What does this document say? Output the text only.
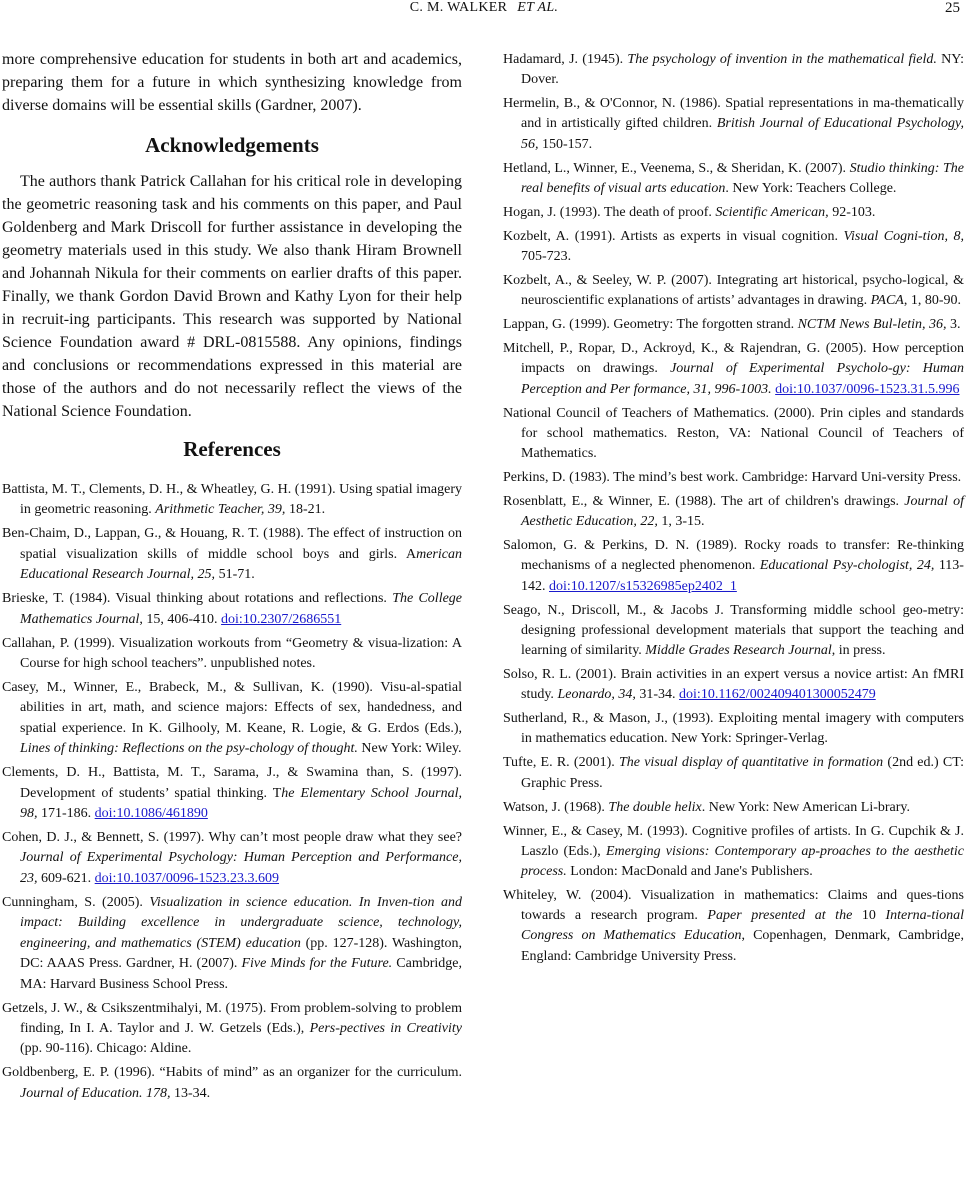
C. M. WALKER ET AL.	25

more comprehensive education for students in both art and academics, preparing them for a future in which synthesizing knowledge from diverse domains will be essential skills (Gardner, 2007).

Acknowledgements

The authors thank Patrick Callahan for his critical role in developing the geometric reasoning task and his comments on this paper, and Paul Goldenberg and Mark Driscoll for further assistance in developing the geometry materials used in this study. We also thank Hiram Brownell and Johannah Nikula for their comments on earlier drafts of this paper. Finally, we thank Gordon David Brown and Kathy Lyon for their help in recruit-ing participants. This research was supported by National Science Foundation award # DRL-0815588. Any opinions, findings and conclusions or recommendations expressed in this material are those of the authors and do not necessarily reflect the views of the National Science Foundation.

References

Battista, M. T., Clements, D. H., & Wheatley, G. H. (1991). Using spatial imagery in geometric reasoning. Arithmetic Teacher, 39, 18-21.

Ben-Chaim, D., Lappan, G., & Houang, R. T. (1988). The effect of instruction on spatial visualization skills of middle school boys and girls. American Educational Research Journal, 25, 51-71.

Brieske, T. (1984). Visual thinking about rotations and reflections. The College Mathematics Journal, 15, 406-410. doi:10.2307/2686551

Callahan, P. (1999). Visualization workouts from “Geometry & visua-lization: A Course for high school teachers”. unpublished notes.

Casey, M., Winner, E., Brabeck, M., & Sullivan, K. (1990). Visu-al-spatial abilities in art, math, and science majors: Effects of sex, handedness, and spatial experience. In K. Gilhooly, M. Keane, R. Logie, & G. Erdos (Eds.), Lines of thinking: Reflections on the psy-chology of thought. New York: Wiley.

Clements, D. H., Battista, M. T., Sarama, J., & Swamina than, S. (1997). Development of students’ spatial thinking. The Elementary School Journal, 98, 171-186. doi:10.1086/461890

Cohen, D. J., & Bennett, S. (1997). Why can’t most people draw what they see? Journal of Experimental Psychology: Human Perception and Performance, 23, 609-621. doi:10.1037/0096-1523.23.3.609

Cunningham, S. (2005). Visualization in science education. In Inven-tion and impact: Building excellence in undergraduate science, technology, engineering, and mathematics (STEM) education (pp. 127-128). Washington, DC: AAAS Press. Gardner, H. (2007). Five Minds for the Future. Cambridge, MA: Harvard Business School Press.

Getzels, J. W., & Csikszentmihalyi, M. (1975). From problem-solving to problem finding, In I. A. Taylor and J. W. Getzels (Eds.), Pers-pectives in Creativity (pp. 90-116). Chicago: Aldine.

Goldbenberg, E. P. (1996). “Habits of mind” as an organizer for the curriculum. Journal of Education. 178, 13-34.

Hadamard, J. (1945). The psychology of invention in the mathematical field. NY: Dover.

Hermelin, B., & O'Connor, N. (1986). Spatial representations in ma-thematically and in artistically gifted children. British Journal of Educational Psychology, 56, 150-157.

Hetland, L., Winner, E., Veenema, S., & Sheridan, K. (2007). Studio thinking: The real benefits of visual arts education. New York: Teachers College.

Hogan, J. (1993). The death of proof. Scientific American, 92-103.

Kozbelt, A. (1991). Artists as experts in visual cognition. Visual Cogni-tion, 8, 705-723.

Kozbelt, A., & Seeley, W. P. (2007). Integrating art historical, psycho-logical, & neuroscientific explanations of artists’ advantages in drawing. PACA, 1, 80-90.

Lappan, G. (1999). Geometry: The forgotten strand. NCTM News Bul-letin, 36, 3.

Mitchell, P., Ropar, D., Ackroyd, K., & Rajendran, G. (2005). How perception impacts on drawings. Journal of Experimental Psycholo-gy: Human Perception and Per formance, 31, 996-1003. doi:10.1037/0096-1523.31.5.996

National Council of Teachers of Mathematics. (2000). Prin ciples and standards for school mathematics. Reston, VA: National Council of Teachers of Mathematics.

Perkins, D. (1983). The mind’s best work. Cambridge: Harvard Uni-versity Press.

Rosenblatt, E., & Winner, E. (1988). The art of children's drawings. Journal of Aesthetic Education, 22, 1, 3-15.

Salomon, G. & Perkins, D. N. (1989). Rocky roads to transfer: Re-thinking mechanisms of a neglected phenomenon. Educational Psy-chologist, 24, 113-142. doi:10.1207/s15326985ep2402_1

Seago, N., Driscoll, M., & Jacobs J. Transforming middle school geo-metry: designing professional development materials that support the teaching and learning of similarity. Middle Grades Research Journal, in press.

Solso, R. L. (2001). Brain activities in an expert versus a novice artist: An fMRI study. Leonardo, 34, 31-34. doi:10.1162/002409401300052479

Sutherland, R., & Mason, J., (1993). Exploiting mental imagery with computers in mathematics education. New York: Springer-Verlag.

Tufte, E. R. (2001). The visual display of quantitative in formation (2nd ed.) CT: Graphic Press.

Watson, J. (1968). The double helix. New York: New American Li-brary.

Winner, E., & Casey, M. (1993). Cognitive profiles of artists. In G. Cupchik & J. Laszlo (Eds.), Emerging visions: Contemporary ap-proaches to the aesthetic process. London: MacDonald and Jane's Publishers.

Whiteley, W. (2004). Visualization in mathematics: Claims and ques-tions towards a research program. Paper presented at the 10 Interna-tional Congress on Mathematics Education, Copenhagen, Denmark, Cambridge, England: Cambridge University Press.
